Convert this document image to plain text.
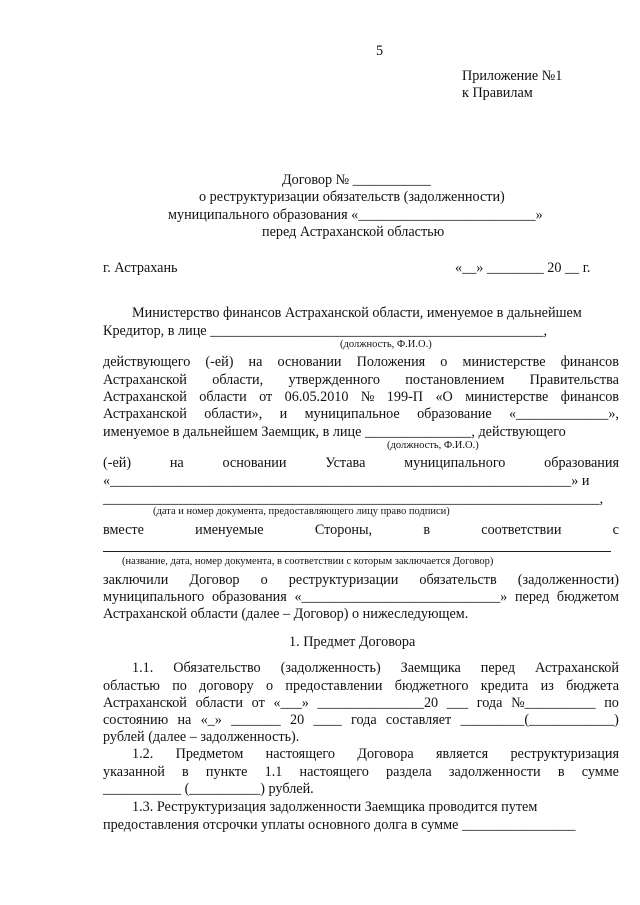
5
Приложение №1
к Правилам
Договор № ___________
о реструктуризации обязательств (задолженности)
муниципального образования «_________________________»
перед Астраханской областью
г. Астрахань	«__» ________ 20 __ г.
Министерство финансов Астраханской области, именуемое в дальнейшем
Кредитор, в лице _______________________________________________,
(должность, Ф.И.О.)
действующего (-ей) на основании Положения о министерстве финансов
Астраханской области, утвержденного постановлением Правительства
Астраханской области от 06.05.2010 № 199-П «О министерстве финансов
Астраханской области», и муниципальное образование «_____________»,
именуемое в дальнейшем Заемщик, в лице _______________, действующего
(должность, Ф.И.О.)
(-ей)	на	основании	Устава	муниципального	образования
«_________________________________________________________________» и
______________________________________________________________________,
(дата и номер документа, предоставляющего лицу право подписи)
вместе	именуемые	Стороны,	в	соответствии	с
(название, дата, номер документа, в соответствии с которым заключается Договор)
заключили Договор о реструктуризации обязательств (задолженности)
муниципального образования «____________________________» перед бюджетом
Астраханской области (далее – Договор) о нижеследующем.
1. Предмет Договора
1.1. Обязательство (задолженность) Заемщика перед Астраханской
областью по договору о предоставлении бюджетного кредита из бюджета
Астраханской области от «___» _______________20 ___ года №__________ по
состоянию на «_» _______ 20 ____ года составляет _________(____________)
рублей (далее – задолженность).
1.2. Предметом настоящего Договора является реструктуризация
указанной в пункте 1.1 настоящего раздела задолженности в сумме
___________ (__________) рублей.
1.3. Реструктуризация задолженности Заемщика проводится путем
предоставления отсрочки уплаты основного долга в сумме ________________
